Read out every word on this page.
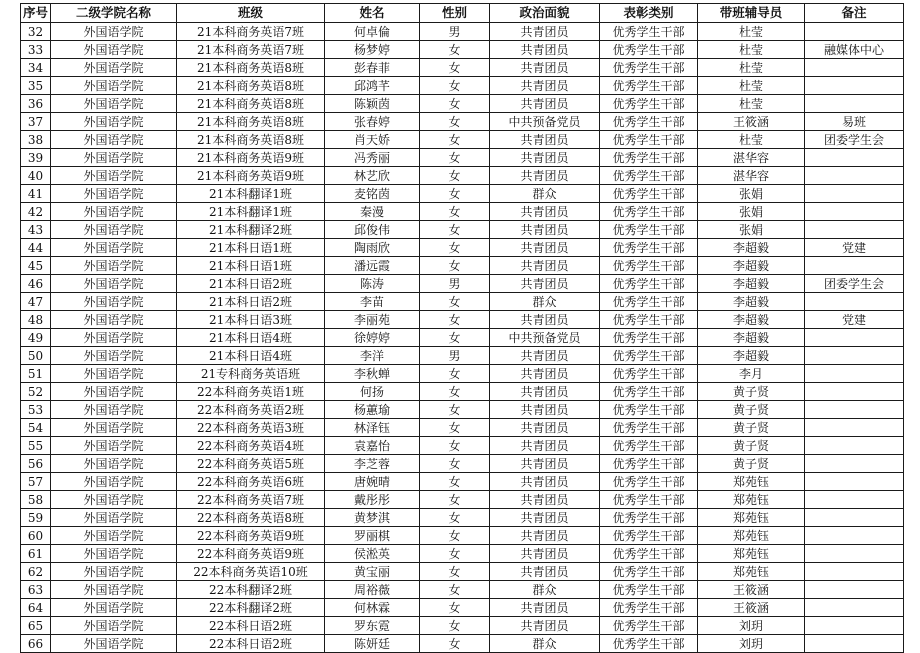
序号	二级学院名称	班级	姓名	性别	政治面貌	表彰类别	带班辅导员	备注
32	外国语学院	21本科商务英语7班	何卓倫	男	共青团员	优秀学生干部	杜莹	
33	外国语学院	21本科商务英语7班	杨梦婷	女	共青团员	优秀学生干部	杜莹	融媒体中心
34	外国语学院	21本科商务英语8班	彭春菲	女	共青团员	优秀学生干部	杜莹	
35	外国语学院	21本科商务英语8班	邱鸿芊	女	共青团员	优秀学生干部	杜莹	
36	外国语学院	21本科商务英语8班	陈颖茵	女	共青团员	优秀学生干部	杜莹	
37	外国语学院	21本科商务英语8班	张春婷	女	中共预备党员	优秀学生干部	王筱涵	易班
38	外国语学院	21本科商务英语8班	肖天娇	女	共青团员	优秀学生干部	杜莹	团委学生会
39	外国语学院	21本科商务英语9班	冯秀丽	女	共青团员	优秀学生干部	湛华容	
40	外国语学院	21本科商务英语9班	林艺欣	女	共青团员	优秀学生干部	湛华容	
41	外国语学院	21本科翻译1班	麦铭茵	女	群众	优秀学生干部	张娟	
42	外国语学院	21本科翻译1班	秦漫	女	共青团员	优秀学生干部	张娟	
43	外国语学院	21本科翻译2班	邱俊伟	女	共青团员	优秀学生干部	张娟	
44	外国语学院	21本科日语1班	陶雨欣	女	共青团员	优秀学生干部	李超毅	党建
45	外国语学院	21本科日语1班	潘远霞	女	共青团员	优秀学生干部	李超毅	
46	外国语学院	21本科日语2班	陈涛	男	共青团员	优秀学生干部	李超毅	团委学生会
47	外国语学院	21本科日语2班	李苗	女	群众	优秀学生干部	李超毅	
48	外国语学院	21本科日语3班	李丽苑	女	共青团员	优秀学生干部	李超毅	党建
49	外国语学院	21本科日语4班	徐婷婷	女	中共预备党员	优秀学生干部	李超毅	
50	外国语学院	21本科日语4班	李洋	男	共青团员	优秀学生干部	李超毅	
51	外国语学院	21专科商务英语班	李秋蝉	女	共青团员	优秀学生干部	李月	
52	外国语学院	22本科商务英语1班	何扬	女	共青团员	优秀学生干部	黄子贤	
53	外国语学院	22本科商务英语2班	杨蕙瑜	女	共青团员	优秀学生干部	黄子贤	
54	外国语学院	22本科商务英语3班	林泽钰	女	共青团员	优秀学生干部	黄子贤	
55	外国语学院	22本科商务英语4班	袁嘉怡	女	共青团员	优秀学生干部	黄子贤	
56	外国语学院	22本科商务英语5班	李芝蓉	女	共青团员	优秀学生干部	黄子贤	
57	外国语学院	22本科商务英语6班	唐婉晴	女	共青团员	优秀学生干部	郑苑钰	
58	外国语学院	22本科商务英语7班	戴彤彤	女	共青团员	优秀学生干部	郑苑钰	
59	外国语学院	22本科商务英语8班	黄梦淇	女	共青团员	优秀学生干部	郑苑钰	
60	外国语学院	22本科商务英语9班	罗丽棋	女	共青团员	优秀学生干部	郑苑钰	
61	外国语学院	22本科商务英语9班	侯淞英	女	共青团员	优秀学生干部	郑苑钰	
62	外国语学院	22本科商务英语10班	黄宝丽	女	共青团员	优秀学生干部	郑苑钰	
63	外国语学院	22本科翻译2班	周裕薇	女	群众	优秀学生干部	王筱涵	
64	外国语学院	22本科翻译2班	何林霖	女	共青团员	优秀学生干部	王筱涵	
65	外国语学院	22本科日语2班	罗东霓	女	共青团员	优秀学生干部	刘玥	
66	外国语学院	22本科日语2班	陈妍廷	女	群众	优秀学生干部	刘玥	
